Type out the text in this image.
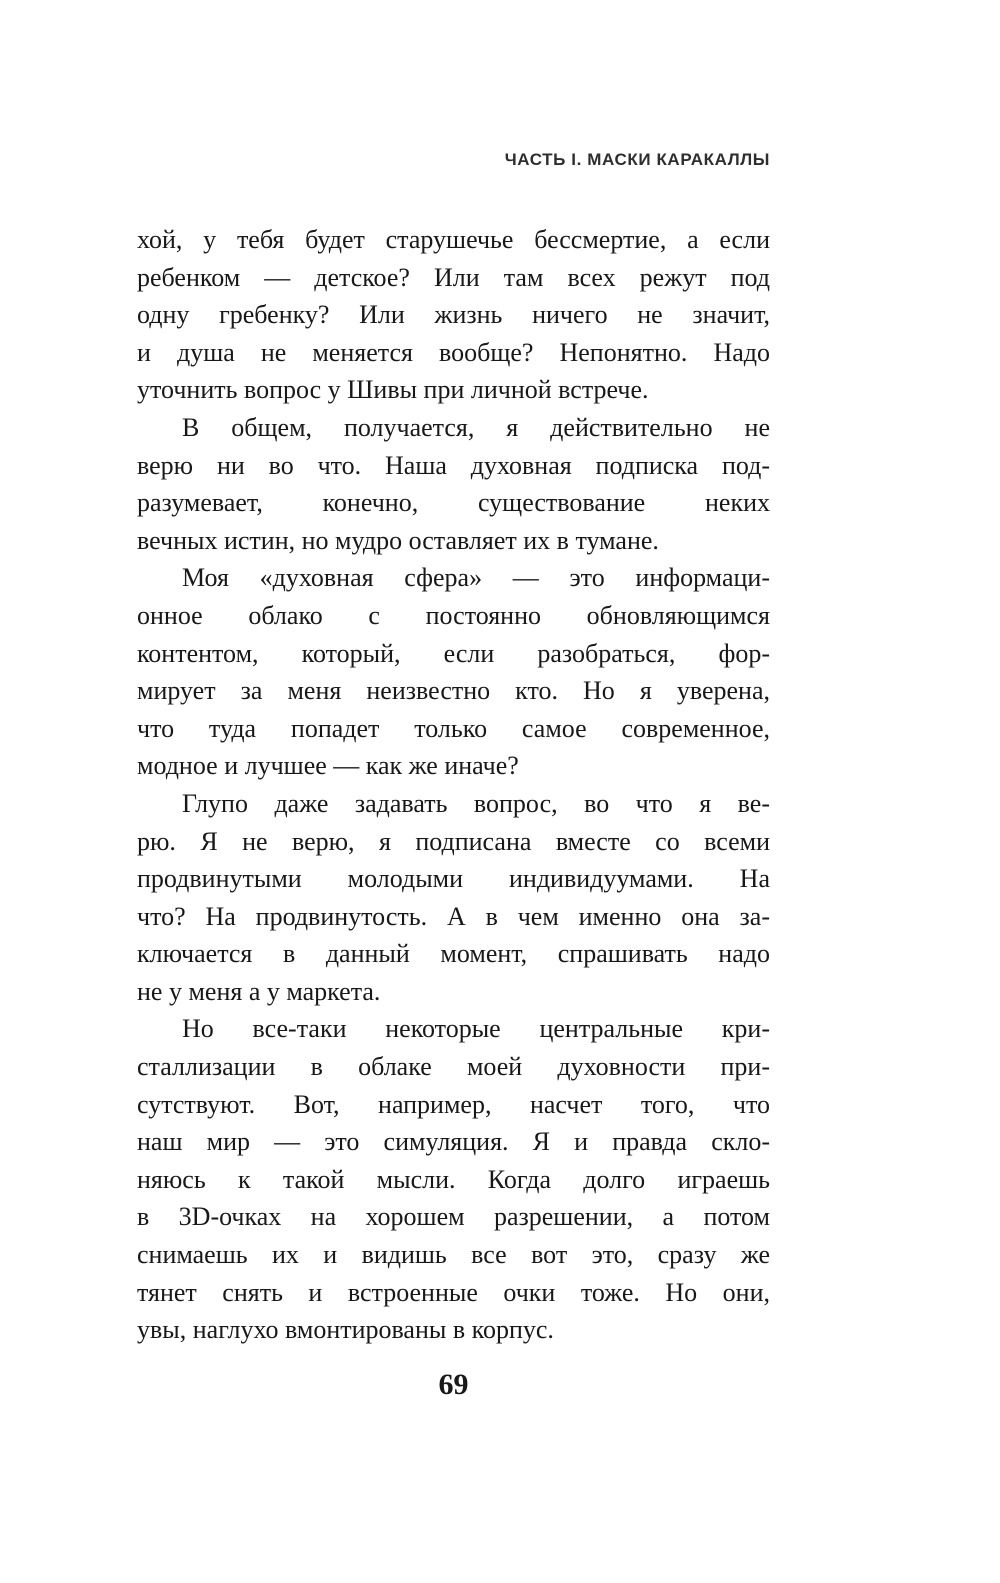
ЧАСТЬ I. МАСКИ КАРАКАЛЛЫ
хой, у тебя будет старушечье бессмертие, а если
ребенком — детское? Или там всех режут под
одну гребенку? Или жизнь ничего не значит,
и душа не меняется вообще? Непонятно. Надо
уточнить вопрос у Шивы при личной встрече.
В общем, получается, я действительно не
верю ни во что. Наша духовная подписка под-
разумевает, конечно, существование неких
вечных истин, но мудро оставляет их в тумане.
Моя «духовная сфера» — это информаци-
онное облако с постоянно обновляющимся
контентом, который, если разобраться, фор-
мирует за меня неизвестно кто. Но я уверена,
что туда попадет только самое современное,
модное и лучшее — как же иначе?
Глупо даже задавать вопрос, во что я ве-
рю. Я не верю, я подписана вместе со всеми
продвинутыми молодыми индивидуумами. На
что? На продвинутость. А в чем именно она за-
ключается в данный момент, спрашивать надо
не у меня а у маркета.
Но все-таки некоторые центральные кри-
сталлизации в облаке моей духовности при-
сутствуют. Вот, например, насчет того, что
наш мир — это симуляция. Я и правда скло-
няюсь к такой мысли. Когда долго играешь
в 3D-очках на хорошем разрешении, а потом
снимаешь их и видишь все вот это, сразу же
тянет снять и встроенные очки тоже. Но они,
увы, наглухо вмонтированы в корпус.
69
